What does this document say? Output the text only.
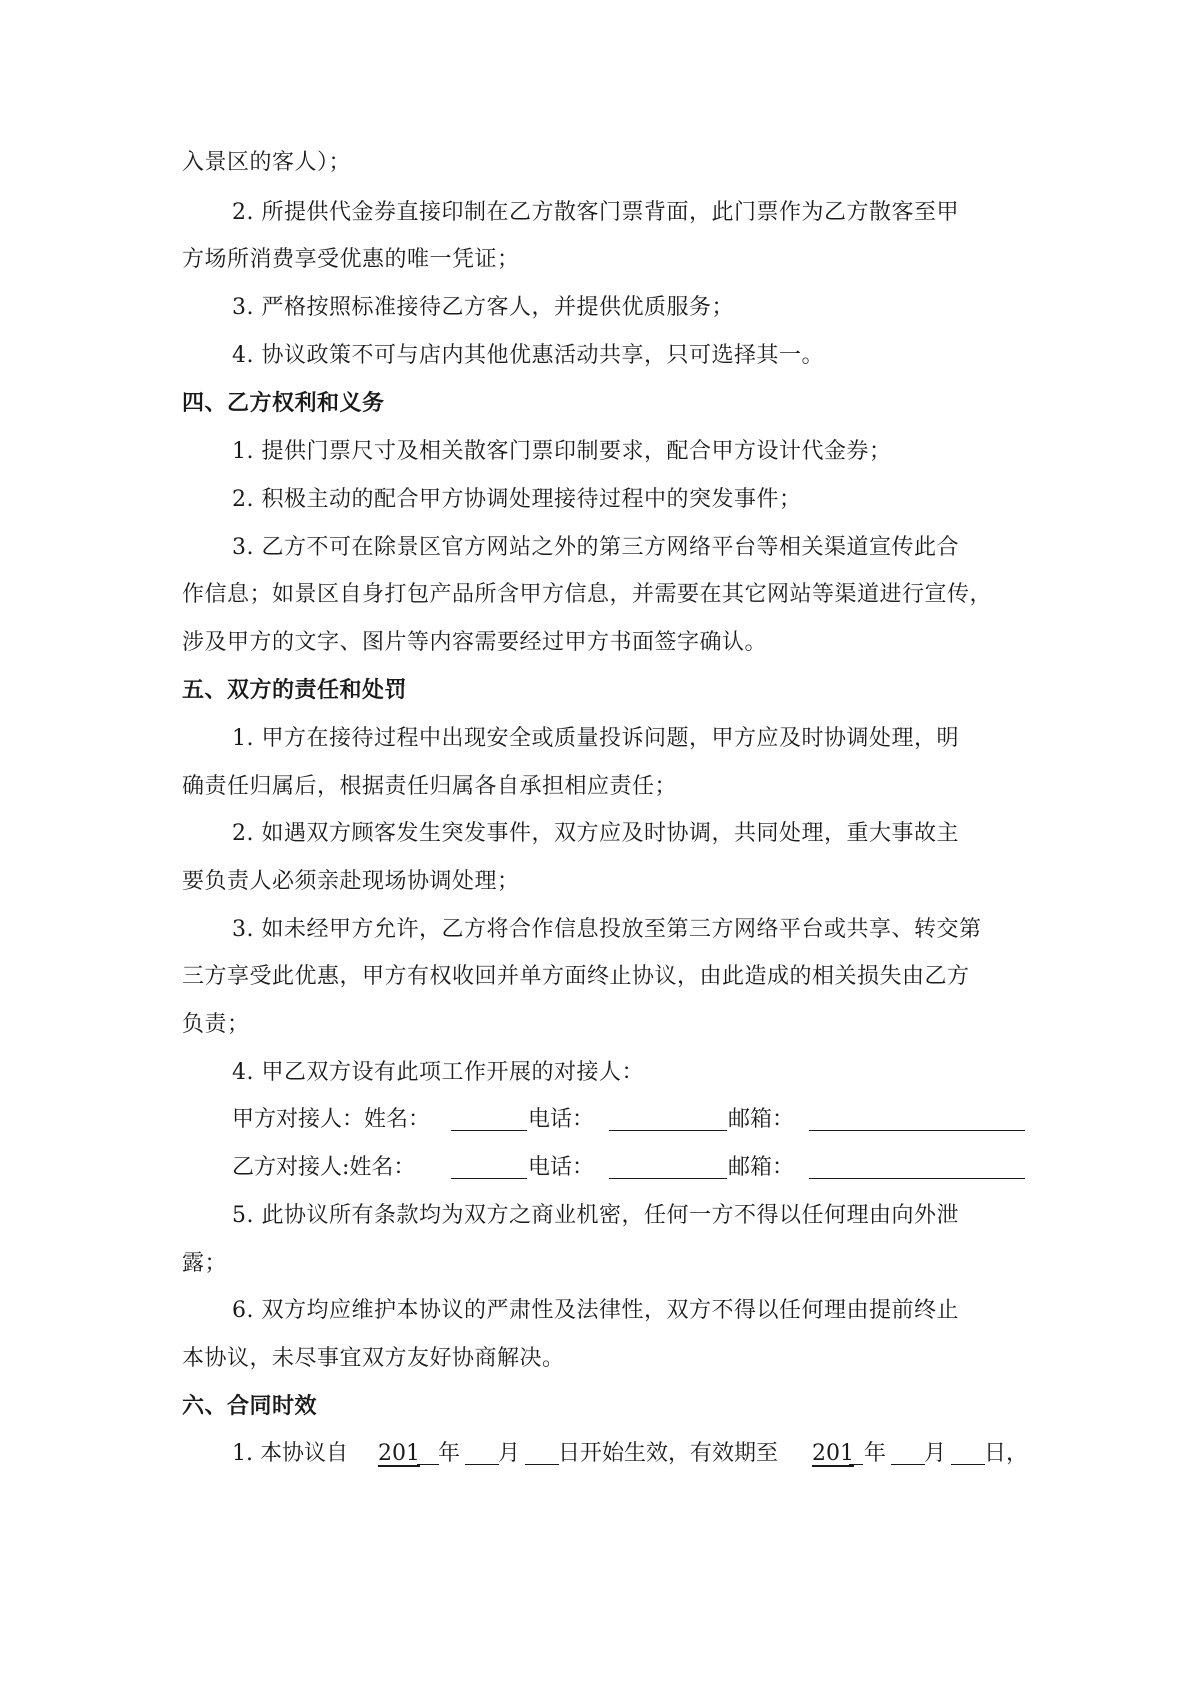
入景区的客人）；
2. 所提供代金券直接印制在乙方散客门票背面，此门票作为乙方散客至甲
方场所消费享受优惠的唯一凭证；
3. 严格按照标准接待乙方客人，并提供优质服务；
4. 协议政策不可与店内其他优惠活动共享，只可选择其一。
四、乙方权利和义务
1. 提供门票尺寸及相关散客门票印制要求，配合甲方设计代金券；
2. 积极主动的配合甲方协调处理接待过程中的突发事件；
3. 乙方不可在除景区官方网站之外的第三方网络平台等相关渠道宣传此合
作信息；如景区自身打包产品所含甲方信息，并需要在其它网站等渠道进行宣传，
涉及甲方的文字、图片等内容需要经过甲方书面签字确认。
五、双方的责任和处罚
1. 甲方在接待过程中出现安全或质量投诉问题，甲方应及时协调处理，明
确责任归属后，根据责任归属各自承担相应责任；
2. 如遇双方顾客发生突发事件，双方应及时协调，共同处理，重大事故主
要负责人必须亲赴现场协调处理；
3. 如未经甲方允许，乙方将合作信息投放至第三方网络平台或共享、转交第
三方享受此优惠，甲方有权收回并单方面终止协议，由此造成的相关损失由乙方
负责；
4. 甲乙双方设有此项工作开展的对接人：
甲方对接人：姓名：	电话：	邮箱：
乙方对接人:姓名：	电话：	邮箱：
5. 此协议所有条款均为双方之商业机密，任何一方不得以任何理由向外泄
露；
6. 双方均应维护本协议的严肃性及法律性，双方不得以任何理由提前终止
本协议，未尽事宜双方友好协商解决。
六、合同时效
1. 本协议自 201 年 月 日开始生效，有效期至 201 年 月 日，
